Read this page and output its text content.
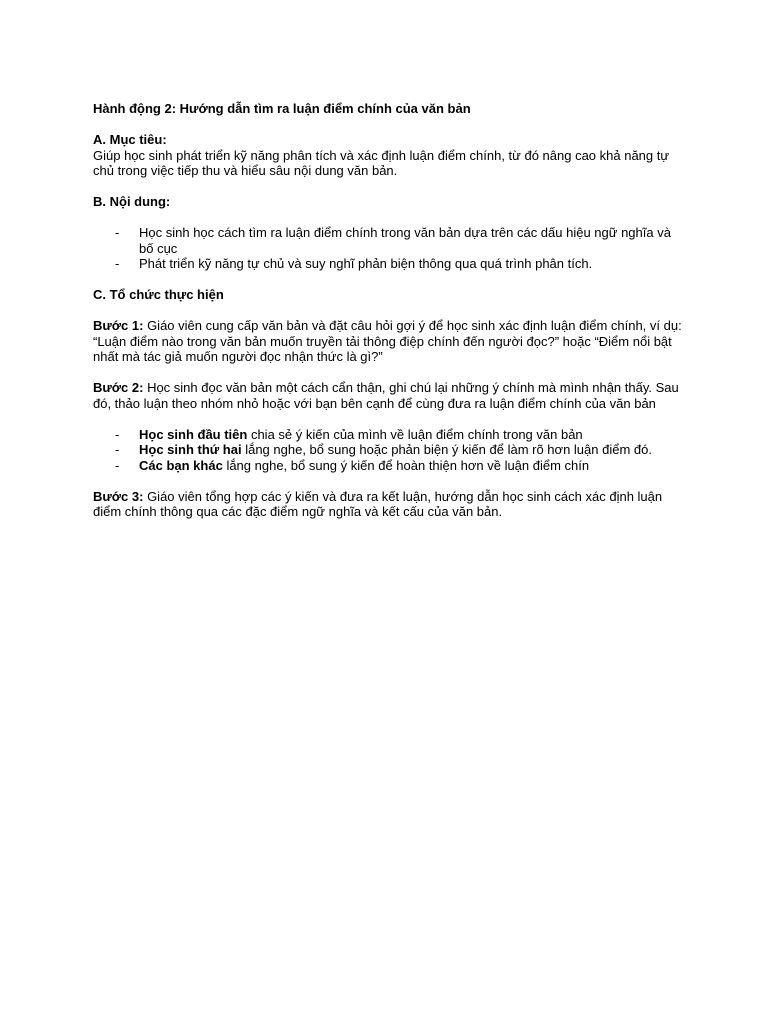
Hành động 2: Hướng dẫn tìm ra luận điểm chính của văn bản

A. Mục tiêu:

Giúp học sinh phát triển kỹ năng phân tích và xác định luận điểm chính, từ đó nâng cao khả năng tự chủ trong việc tiếp thu và hiểu sâu nội dung văn bản.

B. Nội dung:

- Học sinh học cách tìm ra luận điểm chính trong văn bản dựa trên các dấu hiệu ngữ nghĩa và bố cục
- Phát triển kỹ năng tự chủ và suy nghĩ phản biện thông qua quá trình phân tích.

C. Tổ chức thực hiện

Bước 1: Giáo viên cung cấp văn bản và đặt câu hỏi gợi ý để học sinh xác định luận điểm chính, ví dụ: “Luận điểm nào trong văn bản muốn truyền tải thông điệp chính đến người đọc?” hoặc “Điểm nổi bật nhất mà tác giả muốn người đọc nhận thức là gì?”

Bước 2: Học sinh đọc văn bản một cách cẩn thận, ghi chú lại những ý chính mà mình nhận thấy. Sau đó, thảo luận theo nhóm nhỏ hoặc với bạn bên cạnh để cùng đưa ra luận điểm chính của văn bản

- Học sinh đầu tiên chia sẻ ý kiến của mình về luận điểm chính trong văn bản
- Học sinh thứ hai lắng nghe, bổ sung hoặc phản biện ý kiến để làm rõ hơn luận điểm đó.
- Các bạn khác lắng nghe, bổ sung ý kiến để hoàn thiện hơn về luận điểm chín

Bước 3: Giáo viên tổng hợp các ý kiến và đưa ra kết luận, hướng dẫn học sinh cách xác định luận điểm chính thông qua các đặc điểm ngữ nghĩa và kết cấu của văn bản.
